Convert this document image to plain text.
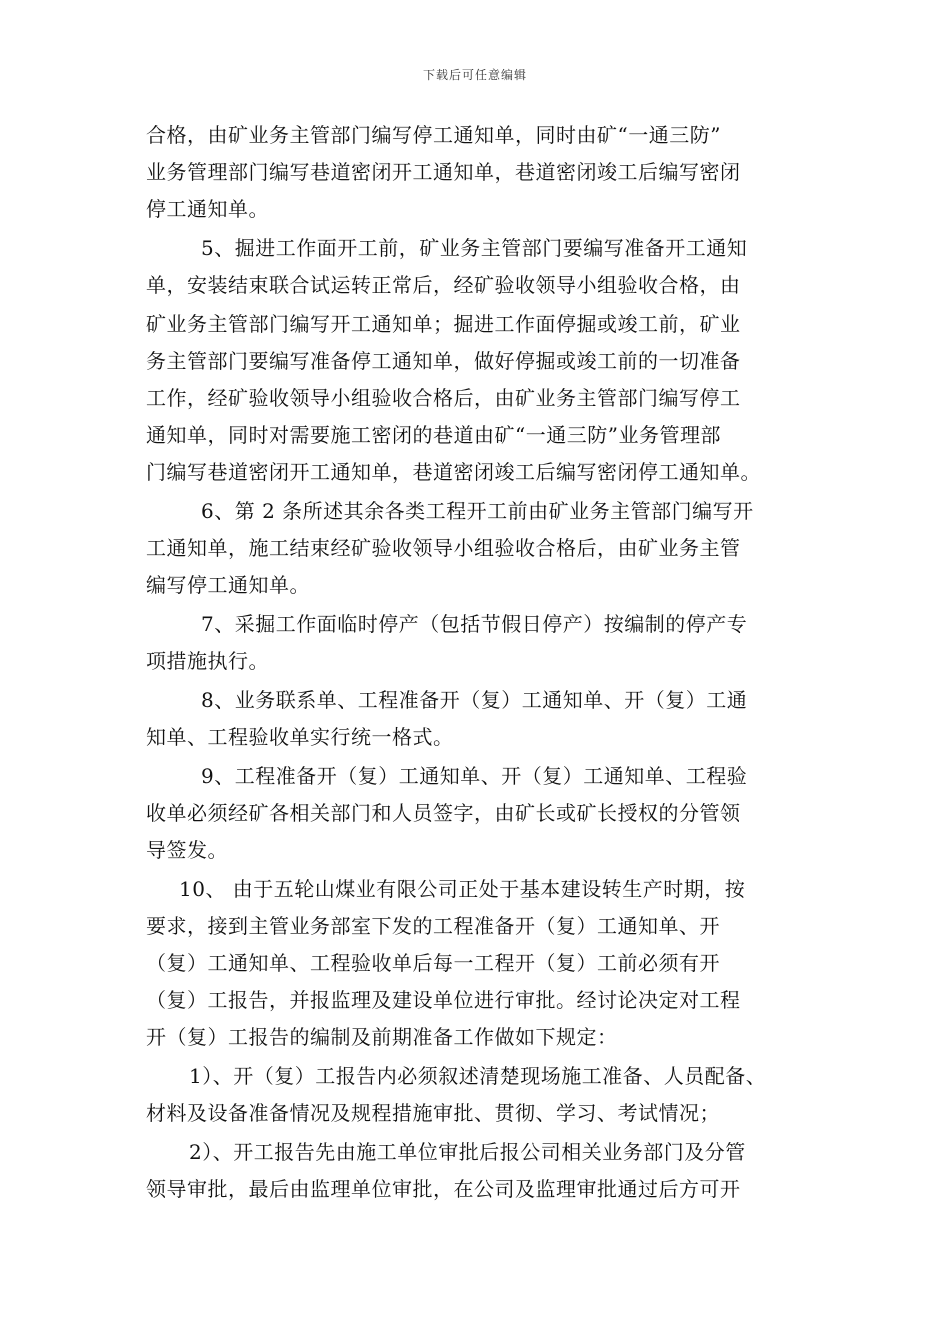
下载后可任意编辑
合格，由矿业务主管部门编写停工通知单，同时由矿“一通三防”
业务管理部门编写巷道密闭开工通知单，巷道密闭竣工后编写密闭
停工通知单。
5、掘进工作面开工前，矿业务主管部门要编写准备开工通知
单，安装结束联合试运转正常后，经矿验收领导小组验收合格，由
矿业务主管部门编写开工通知单；掘进工作面停掘或竣工前，矿业
务主管部门要编写准备停工通知单，做好停掘或竣工前的一切准备
工作，经矿验收领导小组验收合格后，由矿业务主管部门编写停工
通知单，同时对需要施工密闭的巷道由矿“一通三防”业务管理部
门编写巷道密闭开工通知单，巷道密闭竣工后编写密闭停工通知单。
6、第 2 条所述其余各类工程开工前由矿业务主管部门编写开
工通知单，施工结束经矿验收领导小组验收合格后，由矿业务主管
编写停工通知单。
7、采掘工作面临时停产（包括节假日停产）按编制的停产专
项措施执行。
8、业务联系单、工程准备开（复）工通知单、开（复）工通
知单、工程验收单实行统一格式。
9、工程准备开（复）工通知单、开（复）工通知单、工程验
收单必须经矿各相关部门和人员签字，由矿长或矿长授权的分管领
导签发。
10、 由于五轮山煤业有限公司正处于基本建设转生产时期，按
要求，接到主管业务部室下发的工程准备开（复）工通知单、开
（复）工通知单、工程验收单后每一工程开（复）工前必须有开
（复）工报告，并报监理及建设单位进行审批。经讨论决定对工程
开（复）工报告的编制及前期准备工作做如下规定：
1）、开（复）工报告内必须叙述清楚现场施工准备、人员配备、
材料及设备准备情况及规程措施审批、贯彻、学习、考试情况；
2）、开工报告先由施工单位审批后报公司相关业务部门及分管
领导审批，最后由监理单位审批，在公司及监理审批通过后方可开
